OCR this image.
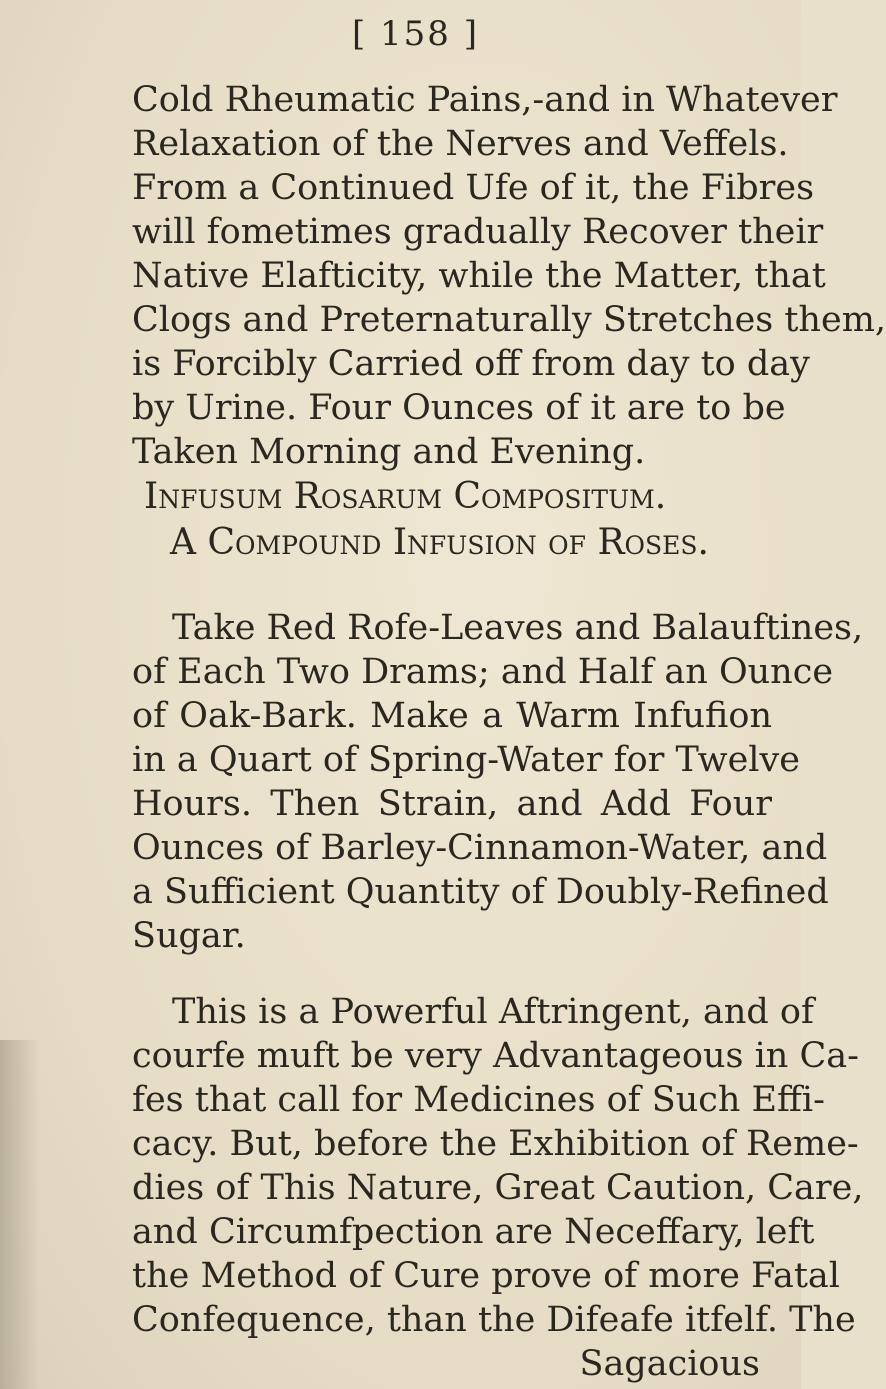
[ 158 ]
Cold Rheumatic Pains,-and in Whatever
Relaxation of the Nerves and Veffels.
From a Continued Ufe of it, the Fibres
will fometimes gradually Recover their
Native Elafticity, while the Matter, that
Clogs and Preternaturally Stretches them,
is Forcibly Carried off from day to day
by Urine. Four Ounces of it are to be
Taken Morning and Evening.
Infusum Rosarum Compositum.
A Compound Infusion of Roses.
Take Red Rofe-Leaves and Balauftines,
of Each Two Drams; and Half an Ounce
of Oak-Bark. Make a Warm Infufion
in a Quart of Spring-Water for Twelve
Hours. Then Strain, and Add Four
Ounces of Barley-Cinnamon-Water, and
a Sufficient Quantity of Doubly-Refined
Sugar.
This is a Powerful Aftringent, and of
courfe muft be very Advantageous in Ca-
fes that call for Medicines of Such Effi-
cacy. But, before the Exhibition of Reme-
dies of This Nature, Great Caution, Care,
and Circumfpection are Neceffary, left
the Method of Cure prove of more Fatal
Confequence, than the Difeafe itfelf. The
Sagacious
